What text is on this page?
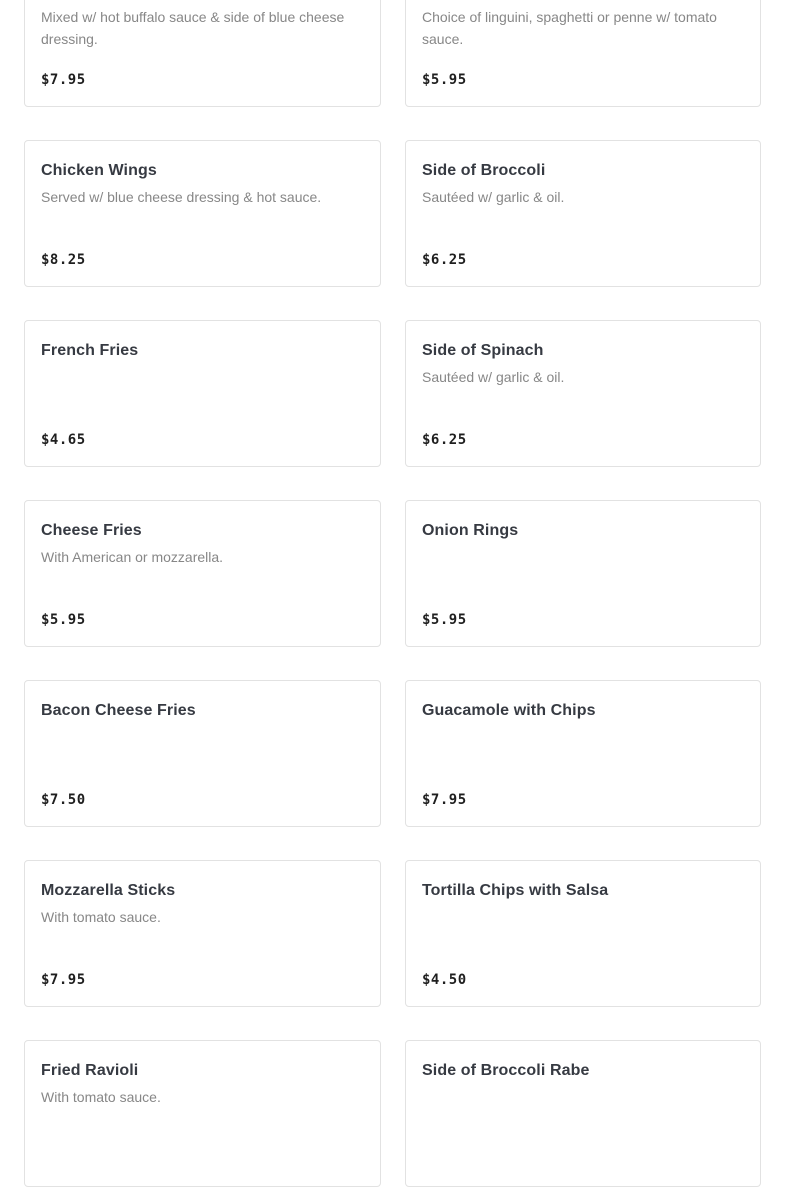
Mixed w/ hot buffalo sauce & side of blue cheese dressing.
$7.95
Choice of linguini, spaghetti or penne w/ tomato sauce.
$5.95
Chicken Wings
Served w/ blue cheese dressing & hot sauce.
$8.25
Side of Broccoli
Sautéed w/ garlic & oil.
$6.25
French Fries
$4.65
Side of Spinach
Sautéed w/ garlic & oil.
$6.25
Cheese Fries
With American or mozzarella.
$5.95
Onion Rings
$5.95
Bacon Cheese Fries
$7.50
Guacamole with Chips
$7.95
Mozzarella Sticks
With tomato sauce.
$7.95
Tortilla Chips with Salsa
$4.50
Fried Ravioli
With tomato sauce.
Side of Broccoli Rabe
